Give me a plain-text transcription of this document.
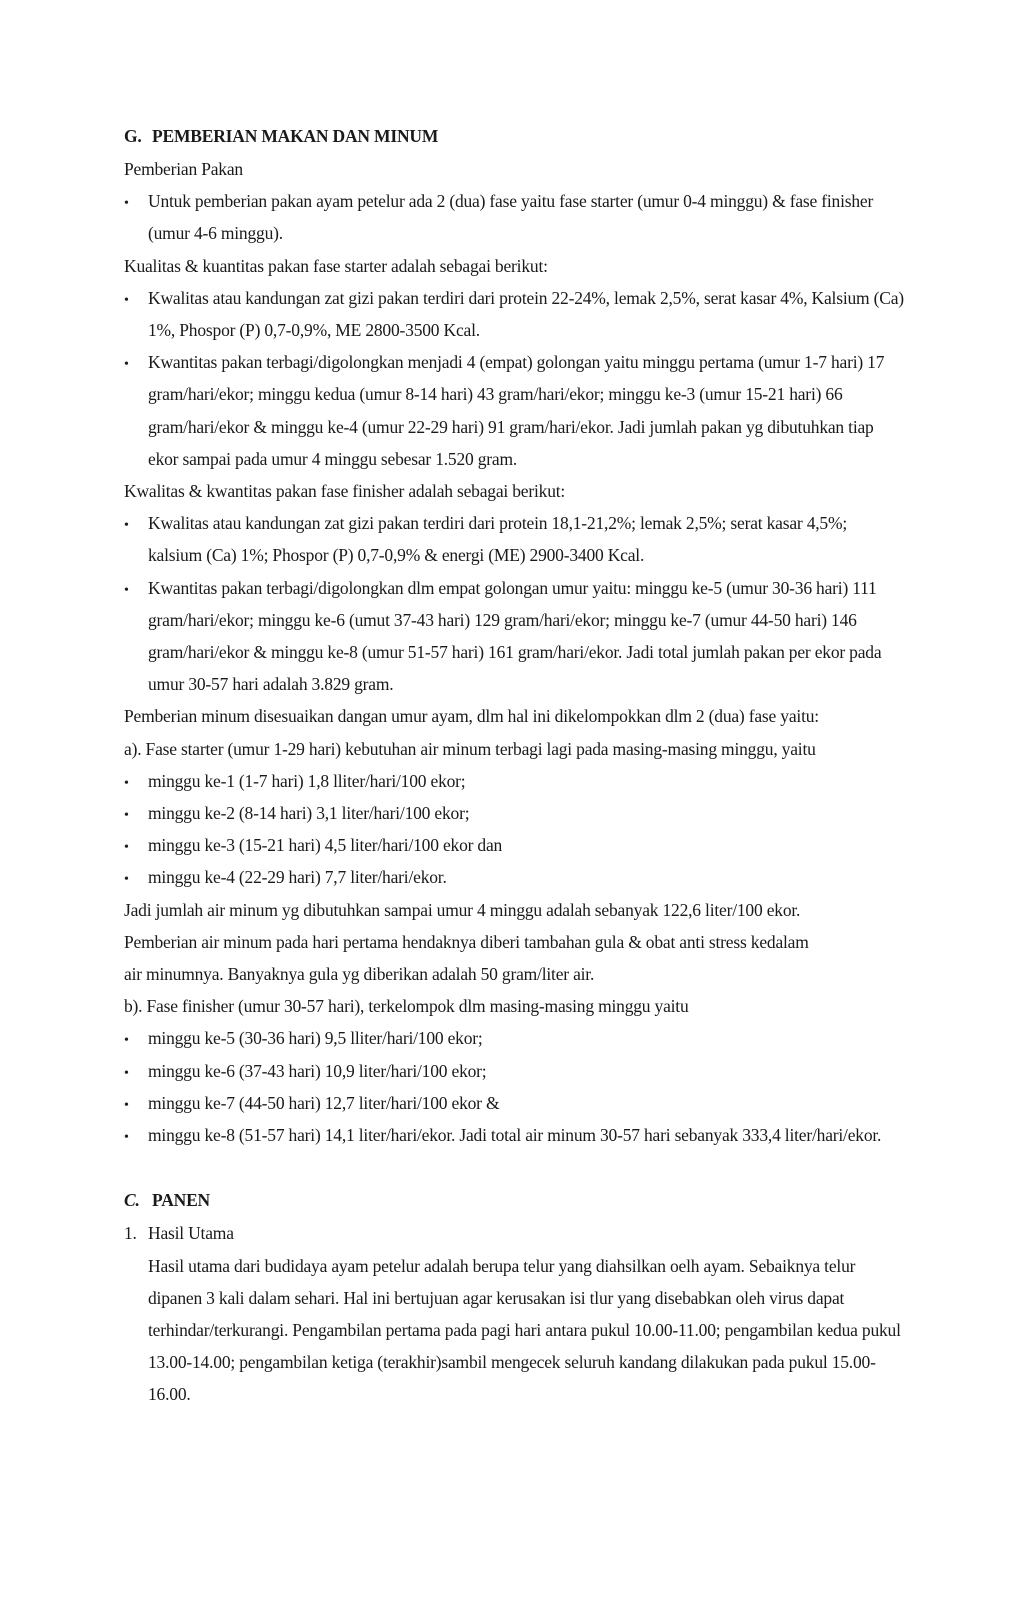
G. PEMBERIAN MAKAN DAN MINUM
Pemberian Pakan
•
Untuk pemberian pakan ayam petelur ada 2 (dua) fase yaitu fase starter (umur 0-4 minggu) & fase finisher (umur 4-6 minggu).
Kualitas & kuantitas pakan fase starter adalah sebagai berikut:
•
Kwalitas atau kandungan zat gizi pakan terdiri dari protein 22-24%, lemak 2,5%, serat kasar 4%, Kalsium (Ca) 1%, Phospor (P) 0,7-0,9%, ME 2800-3500 Kcal.
•
Kwantitas pakan terbagi/digolongkan menjadi 4 (empat) golongan yaitu minggu pertama (umur 1-7 hari) 17 gram/hari/ekor; minggu kedua (umur 8-14 hari) 43 gram/hari/ekor; minggu ke-3 (umur 15-21 hari) 66 gram/hari/ekor & minggu ke-4 (umur 22-29 hari) 91 gram/hari/ekor. Jadi jumlah pakan yg dibutuhkan tiap ekor sampai pada umur 4 minggu sebesar 1.520 gram.
Kwalitas & kwantitas pakan fase finisher adalah sebagai berikut:
•
Kwalitas atau kandungan zat gizi pakan terdiri dari protein 18,1-21,2%; lemak 2,5%; serat kasar 4,5%; kalsium (Ca) 1%; Phospor (P) 0,7-0,9% & energi (ME) 2900-3400 Kcal.
•
Kwantitas pakan terbagi/digolongkan dlm empat golongan umur yaitu: minggu ke-5 (umur 30-36 hari) 111 gram/hari/ekor; minggu ke-6 (umut 37-43 hari) 129 gram/hari/ekor; minggu ke-7 (umur 44-50 hari) 146 gram/hari/ekor & minggu ke-8 (umur 51-57 hari) 161 gram/hari/ekor. Jadi total jumlah pakan per ekor pada umur 30-57 hari adalah 3.829 gram.
Pemberian minum disesuaikan dangan umur ayam, dlm hal ini dikelompokkan dlm 2 (dua) fase yaitu:
a). Fase starter (umur 1-29 hari) kebutuhan air minum terbagi lagi pada masing-masing minggu, yaitu
•
minggu ke-1 (1-7 hari) 1,8 lliter/hari/100 ekor;
•
minggu ke-2 (8-14 hari) 3,1 liter/hari/100 ekor;
•
minggu ke-3 (15-21 hari) 4,5 liter/hari/100 ekor dan
•
minggu ke-4 (22-29 hari) 7,7 liter/hari/ekor.
Jadi jumlah air minum yg dibutuhkan sampai umur 4 minggu adalah sebanyak 122,6 liter/100 ekor.
Pemberian air minum pada hari pertama hendaknya diberi tambahan gula & obat anti stress kedalam
air minumnya. Banyaknya gula yg diberikan adalah 50 gram/liter air.
b). Fase finisher (umur 30-57 hari), terkelompok dlm masing-masing minggu yaitu
•
minggu ke-5 (30-36 hari) 9,5 lliter/hari/100 ekor;
•
minggu ke-6 (37-43 hari) 10,9 liter/hari/100 ekor;
•
minggu ke-7 (44-50 hari) 12,7 liter/hari/100 ekor &
•
minggu ke-8 (51-57 hari) 14,1 liter/hari/ekor. Jadi total air minum 30-57 hari sebanyak 333,4 liter/hari/ekor.
C. PANEN
1. Hasil Utama
Hasil utama dari budidaya ayam petelur adalah berupa telur yang diahsilkan oelh ayam. Sebaiknya telur dipanen 3 kali dalam sehari. Hal ini bertujuan agar kerusakan isi tlur yang disebabkan oleh virus dapat terhindar/terkurangi. Pengambilan pertama pada pagi hari antara pukul 10.00-11.00; pengambilan kedua pukul 13.00-14.00; pengambilan ketiga (terakhir)sambil mengecek seluruh kandang dilakukan pada pukul 15.00-16.00.
